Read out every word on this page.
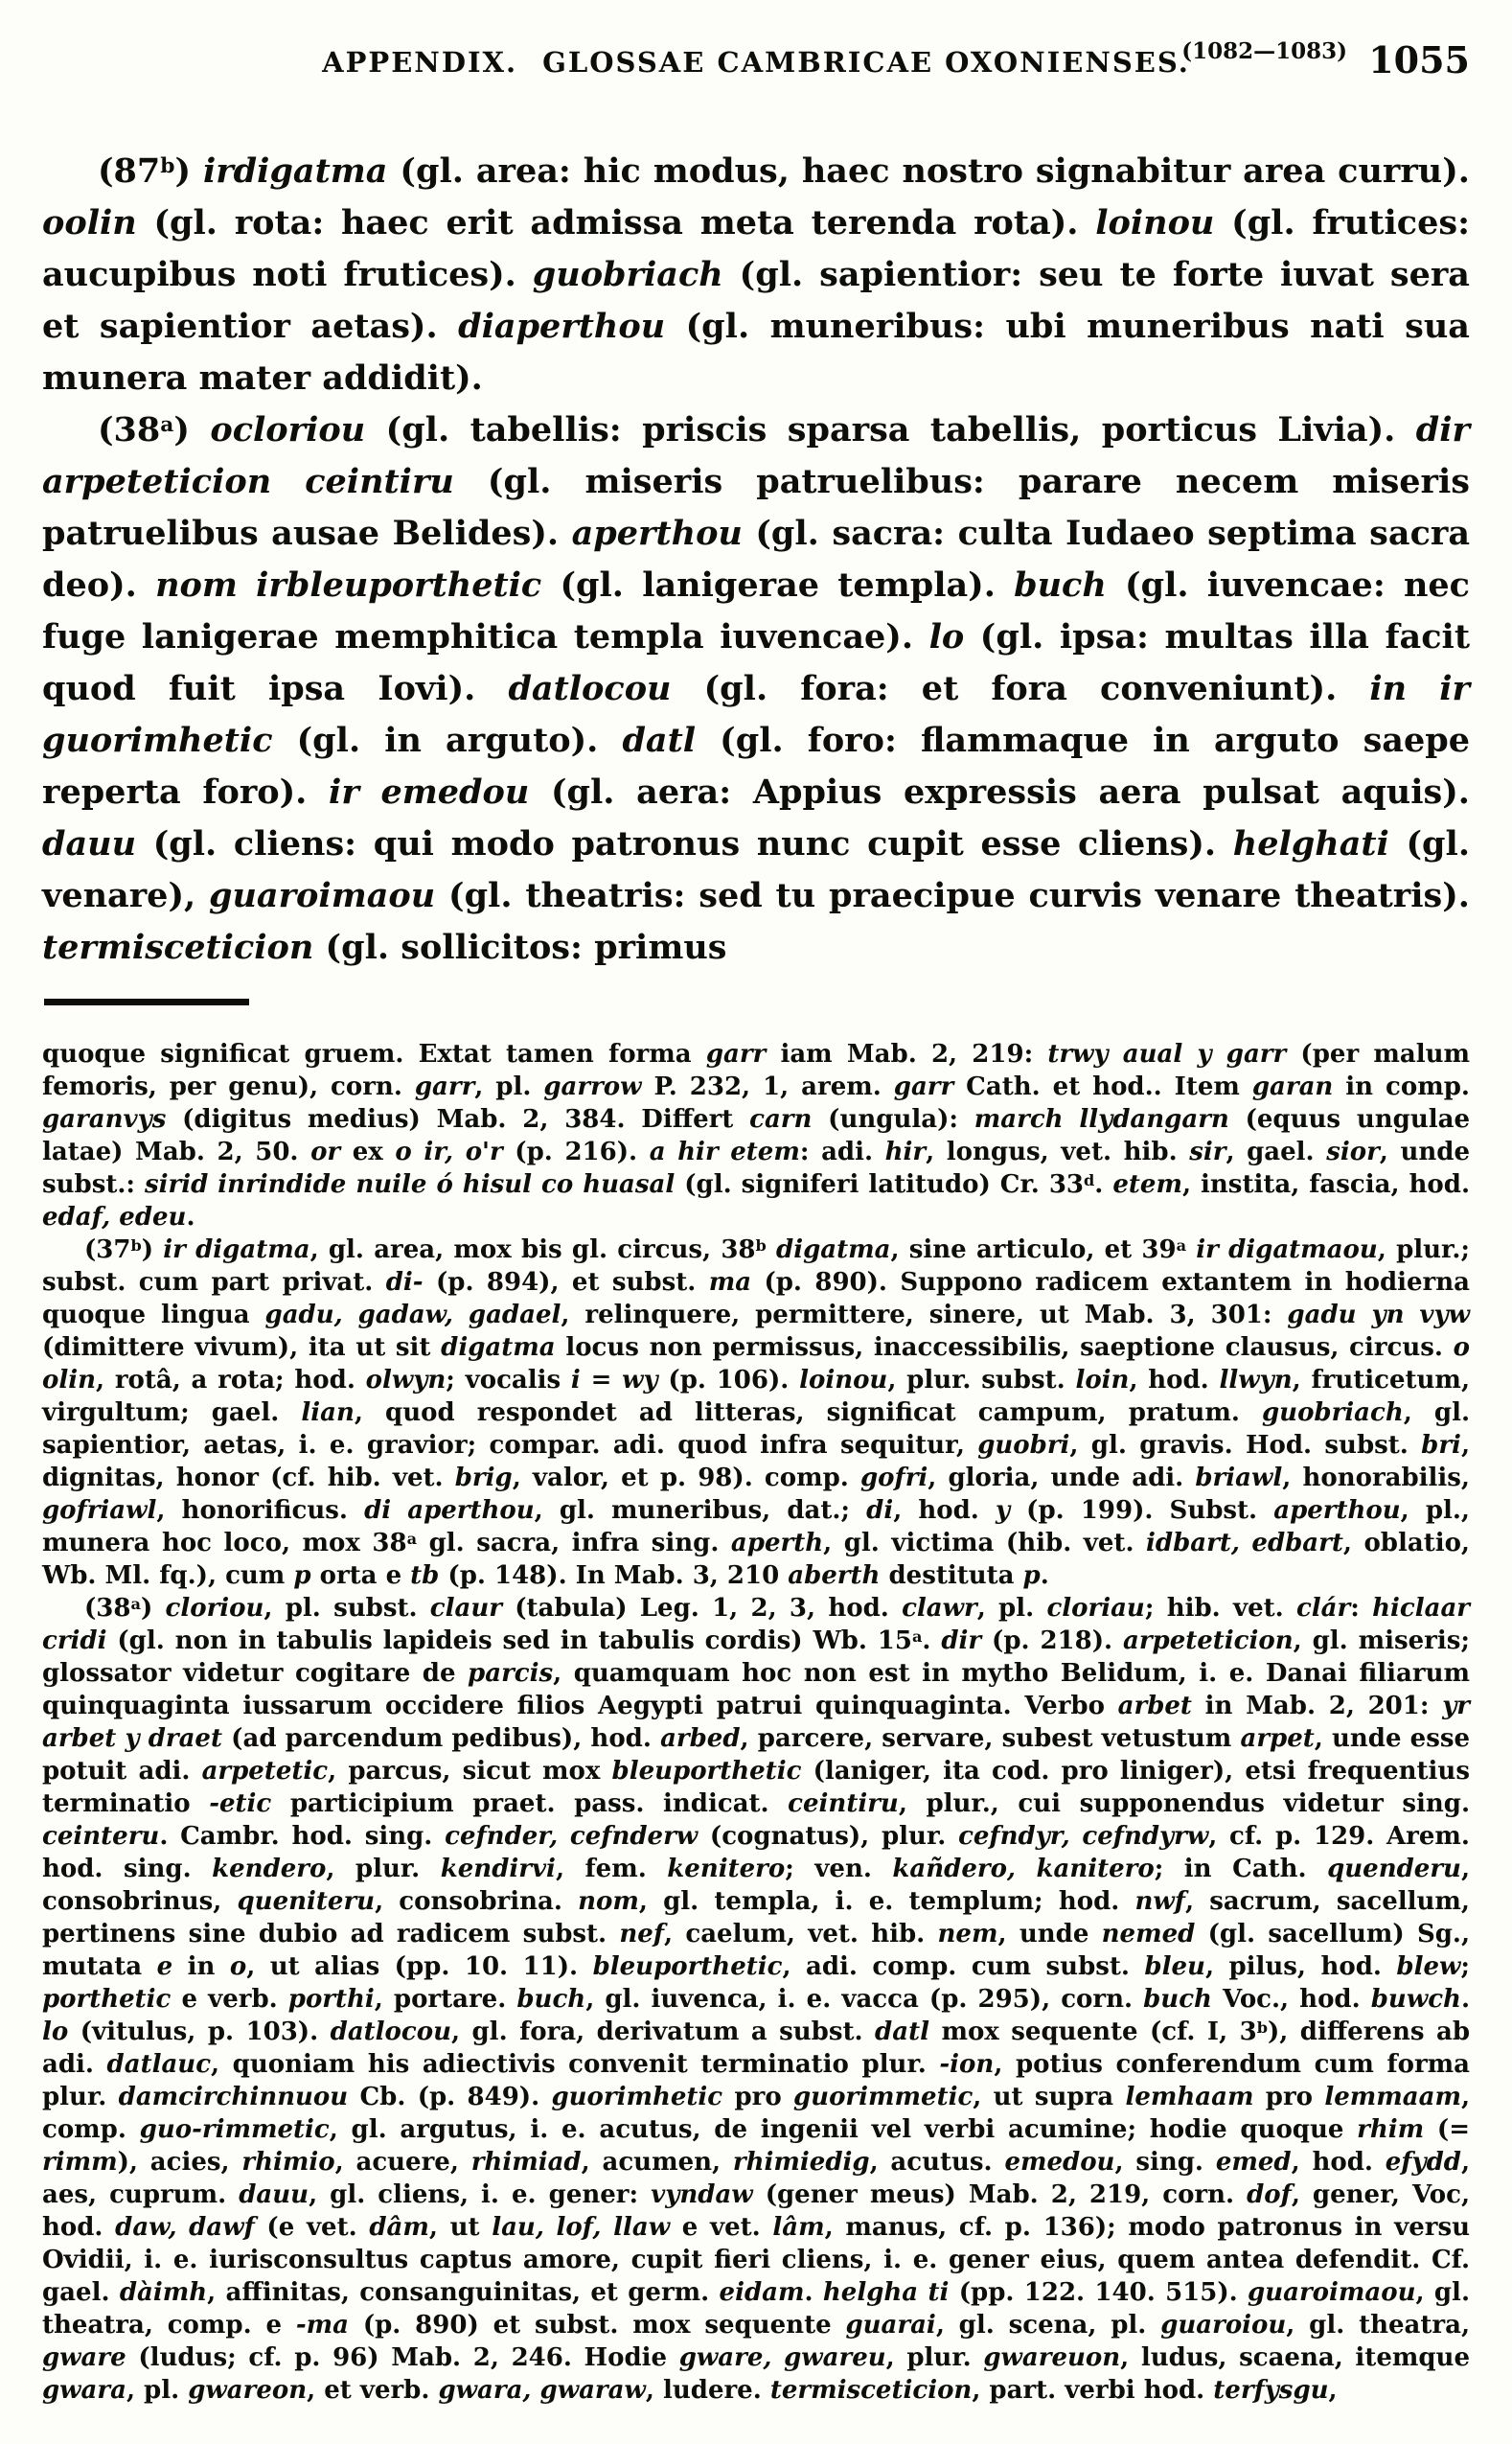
APPENDIX. GLOSSAE CAMBRICAE OXONIENSES.
(1082—1083) 1055

(87$^b$) irdigatma (gl. area: hic modus, haec nostro signabitur area curru). oolin (gl. rota: haec erit admissa meta terenda rota). loinou (gl. frutices: aucupibus noti frutices). guobriach (gl. sapientior: seu te forte iuvat sera et sapientior aetas). diaperthou (gl. muneribus: ubi muneribus nati sua munera mater addidit).

(38$^a$) ocloriou (gl. tabellis: priscis sparsa tabellis, porticus Livia). dir arpeteticion ceintiru (gl. miseris patruelibus: parare necem miseris patruelibus ausae Belides). aperthou (gl. sacra: culta Iudaeo septima sacra deo). nom irbleuporthetic (gl. lanigerae templa). buch (gl. iuvencae: nec fuge lanigerae memphitica templa iuvencae). lo (gl. ipsa: multas illa facit quod fuit ipsa Iovi). datlocou (gl. fora: et fora conveniunt). in ir guorimhetic (gl. in arguto). datl (gl. foro: flammaque in arguto saepe reperta foro). ir emedou (gl. aera: Appius expressis aera pulsat aquis). dauu (gl. cliens: qui modo patronus nunc cupit esse cliens). helghati (gl. venare), guaroimaou (gl. theatris: sed tu praecipue curvis venare theatris). termisceticion (gl. sollicitos: primus

quoque significat gruem. Extat tamen forma garr iam Mab. 2, 219: trwy aual y garr (per malum femoris, per genu), corn. garr, pl. garrow P. 232, 1, arem. garr Cath. et hod.. Item garan in comp. garanvys (digitus medius) Mab. 2, 384. Differt carn (ungula): march llydangarn (equus ungulae latae) Mab. 2, 50. or ex o ir, o'r (p. 216). a hir etem: adi. hir, longus, vet. hib. sir, gael. sior, unde subst.: sirid inrindide nuile ó hisul co huasal (gl. signiferi latitudo) Cr. 33$^d$. etem, instita, fascia, hod. edaf, edeu.

(37$^b$) ir digatma, gl. area, mox bis gl. circus, 38$^b$ digatma, sine articulo, et 39$^a$ ir digatmaou, plur.; subst. cum part privat. di- (p. 894), et subst. ma (p. 890). Suppono radicem extantem in hodierna quoque lingua gadu, gadaw, gadael, relinquere, permittere, sinere, ut Mab. 3, 301: gadu yn vyw (dimittere vivum), ita ut sit digatma locus non permissus, inaccessibilis, saeptione clausus, circus. o olin, rotâ, a rota; hod. olwyn; vocalis i = wy (p. 106). loinou, plur. subst. loin, hod. llwyn, fruticetum, virgultum; gael. lian, quod respondet ad litteras, significat campum, pratum. guobriach, gl. sapientior, aetas, i. e. gravior; compar. adi. quod infra sequitur, guobri, gl. gravis. Hod. subst. bri, dignitas, honor (cf. hib. vet. brig, valor, et p. 98). comp. gofri, gloria, unde adi. briawl, honorabilis, gofriawl, honorificus. di aperthou, gl. muneribus, dat.; di, hod. y (p. 199). Subst. aperthou, pl., munera hoc loco, mox 38$^a$ gl. sacra, infra sing. aperth, gl. victima (hib. vet. idbart, edbart, oblatio, Wb. Ml. fq.), cum p orta e tb (p. 148). In Mab. 3, 210 aberth destituta p.

(38$^a$) cloriou, pl. subst. claur (tabula) Leg. 1, 2, 3, hod. clawr, pl. cloriau; hib. vet. clár: hiclaar cridi (gl. non in tabulis lapideis sed in tabulis cordis) Wb. 15$^a$. dir (p. 218). arpeteticion, gl. miseris; glossator videtur cogitare de parcis, quamquam hoc non est in mytho Belidum, i. e. Danai filiarum quinquaginta iussarum occidere filios Aegypti patrui quinquaginta. Verbo arbet in Mab. 2, 201: yr arbet y draet (ad parcendum pedibus), hod. arbed, parcere, servare, subest vetustum arpet, unde esse potuit adi. arpetetic, parcus, sicut mox bleuporthetic (laniger, ita cod. pro liniger), etsi frequentius terminatio -etic participium praet. pass. indicat. ceintiru, plur., cui supponendus videtur sing. ceinteru. Cambr. hod. sing. cefnder, cefnderw (cognatus), plur. cefndyr, cefndyrw, cf. p. 129. Arem. hod. sing. kendero, plur. kendirvi, fem. kenitero; ven. kañdero, kanitero; in Cath. quenderu, consobrinus, queniteru, consobrina. nom, gl. templa, i. e. templum; hod. nwf, sacrum, sacellum, pertinens sine dubio ad radicem subst. nef, caelum, vet. hib. nem, unde nemed (gl. sacellum) Sg., mutata e in o, ut alias (pp. 10. 11). bleuporthetic, adi. comp. cum subst. bleu, pilus, hod. blew; porthetic e verb. porthi, portare. buch, gl. iuvenca, i. e. vacca (p. 295), corn. buch Voc., hod. buwch. lo (vitulus, p. 103). datlocou, gl. fora, derivatum a subst. datl mox sequente (cf. I, 3$^b$), differens ab adi. datlauc, quoniam his adiectivis convenit terminatio plur. -ion, potius conferendum cum forma plur. damcirchinnuou Cb. (p. 849). guorimhetic pro guorimmetic, ut supra lemhaam pro lemmaam, comp. guo-rimmetic, gl. argutus, i. e. acutus, de ingenii vel verbi acumine; hodie quoque rhim (= rimm), acies, rhimio, acuere, rhimiad, acumen, rhimiedig, acutus. emedou, sing. emed, hod. efydd, aes, cuprum. dauu, gl. cliens, i. e. gener: vyndaw (gener meus) Mab. 2, 219, corn. dof, gener, Voc, hod. daw, dawf (e vet. dâm, ut lau, lof, llaw e vet. lâm, manus, cf. p. 136); modo patronus in versu Ovidii, i. e. iurisconsultus captus amore, cupit fieri cliens, i. e. gener eius, quem antea defendit. Cf. gael. dàimh, affinitas, consanguinitas, et germ. eidam. helgha ti (pp. 122. 140. 515). guaroimaou, gl. theatra, comp. e -ma (p. 890) et subst. mox sequente guarai, gl. scena, pl. guaroiou, gl. theatra, gware (ludus; cf. p. 96) Mab. 2, 246. Hodie gware, gwareu, plur. gwareuon, ludus, scaena, itemque gwara, pl. gwareon, et verb. gwara, gwaraw, ludere. termisceticion, part. verbi hod. terfysgu,
